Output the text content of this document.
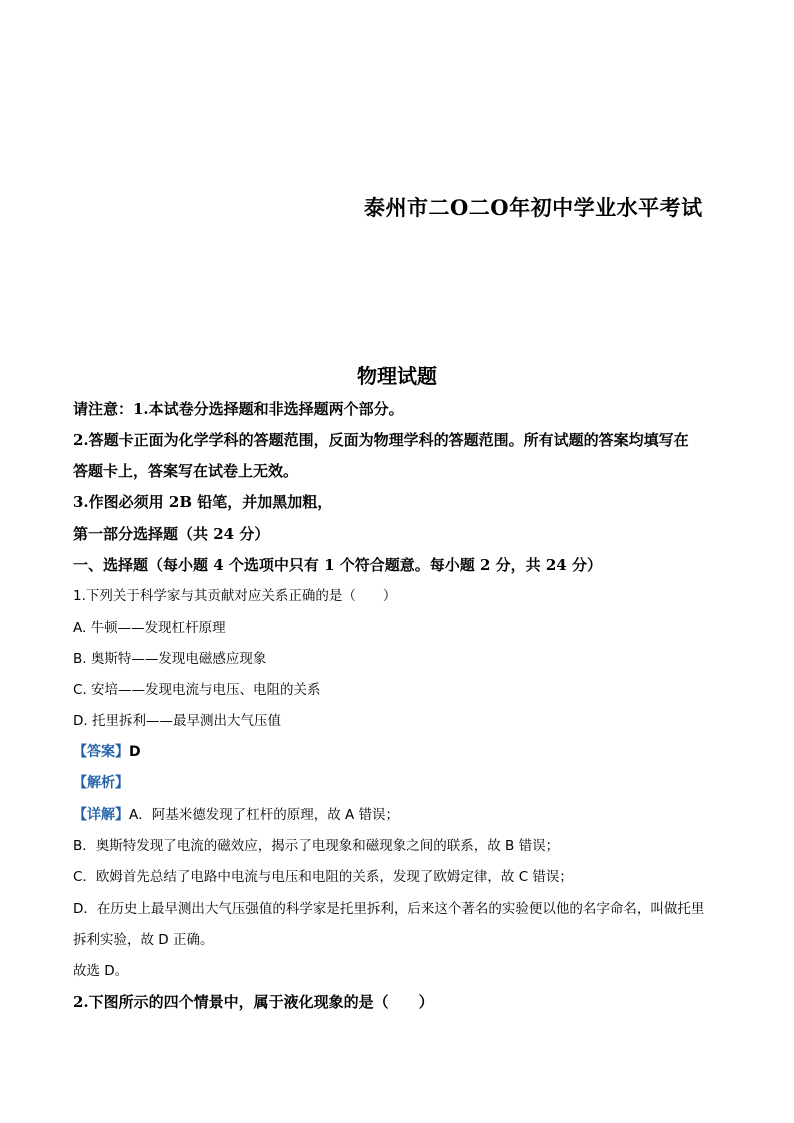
泰州市二O二O年初中学业水平考试
物理试题
请注意：1.本试卷分选择题和非选择题两个部分。
2.答题卡正面为化学学科的答题范围，反面为物理学科的答题范围。所有试题的答案均填写在
答题卡上，答案写在试卷上无效。
3.作图必须用 2B 铅笔，并加黑加粗，
第一部分选择题（共 24 分）
一、选择题（每小题 4 个选项中只有 1 个符合题意。每小题 2 分，共 24 分）
1.下列关于科学家与其贡献对应关系正确的是（　　）
A. 牛顿——发现杠杆原理
B. 奥斯特——发现电磁感应现象
C. 安培——发现电流与电压、电阻的关系
D. 托里拆利——最早测出大气压值
【答案】D
【解析】
【详解】A．阿基米德发现了杠杆的原理，故 A 错误；
B．奥斯特发现了电流的磁效应，揭示了电现象和磁现象之间的联系，故 B 错误；
C．欧姆首先总结了电路中电流与电压和电阻的关系，发现了欧姆定律，故 C 错误；
D．在历史上最早测出大气压强值的科学家是托里拆利，后来这个著名的实验便以他的名字命名，叫做托里
拆利实验，故 D 正确。
故选 D。
2.下图所示的四个情景中，属于液化现象的是（　　）
